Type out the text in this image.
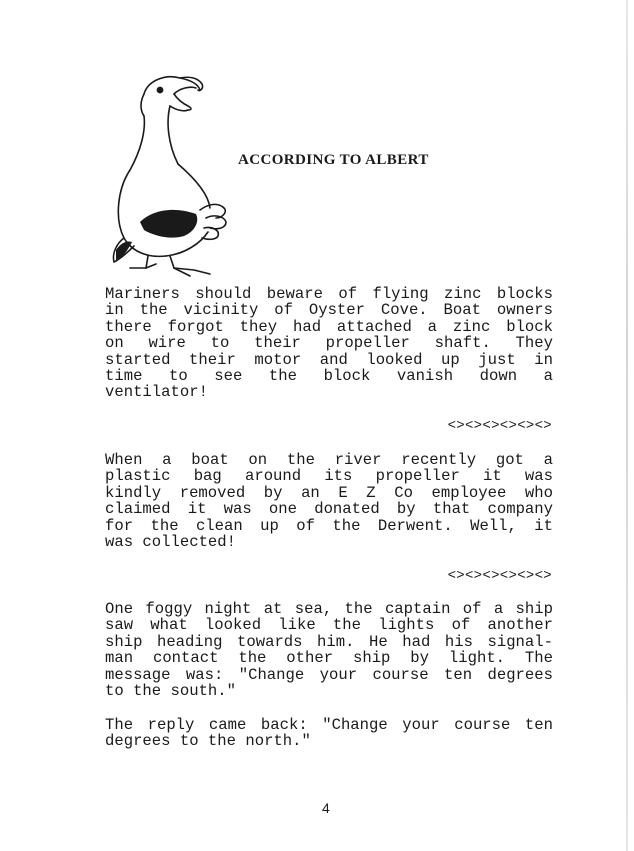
ACCORDING TO ALBERT

Mariners should beware of flying zinc blocks
in the vicinity of Oyster Cove. Boat owners
there forgot they had attached a zinc block
on wire to their propeller shaft. They
started their motor and looked up just in
time to see the block vanish down a
ventilator!

<><><><><><>

When a boat on the river recently got a
plastic bag around its propeller it was
kindly removed by an E Z Co employee who
claimed it was one donated by that company
for the clean up of the Derwent. Well, it
was collected!

<><><><><><>

One foggy night at sea, the captain of a ship
saw what looked like the lights of another
ship heading towards him. He had his signal-
man contact the other ship by light. The
message was: "Change your course ten degrees
to the south."

The reply came back: "Change your course ten
degrees to the north."

4
